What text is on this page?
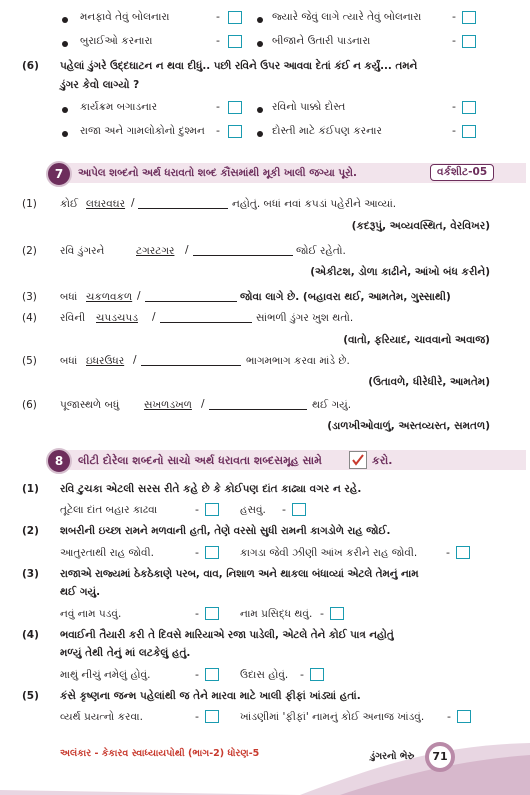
મનફાવે તેવું બોલનારા	-	જ્યારે જેવું લાગે ત્યારે તેવું બોલનારા	-
બુરાઈઓ કરનારા	-	બીજાને ઉતારી પાડનારા	-
(6) પહેલાં ડુંગરે ઉદ્દઘાટન ન થવા દીધું.. પછી રવિને ઉપર આવવા દેતાં કંઈ ન કર્યું... તમને
ડુંગર કેવો લાગ્યો ?
કાર્યક્રમ બગાડનાર	-	રવિનો પાક્કો દોસ્ત	-
રાજા અને ગામલોકોનો દુશ્મન -	દોસ્તી માટે કંઈપણ કરનાર	-
7	આપેલ શબ્દનો અર્થ ધરાવતો શબ્દ કૌંસમાંથી મૂકી ખાલી જગ્યા પૂરો.	વર્કશીટ-05
(1) કોઈ લઘરવઘર /	નહોતું. બધાં નવાં કપડાં પહેરીને આવ્યાં.
(કદરૂપું, અવ્યવસ્થિત, વેરવિખર)
(2) રવિ ડુંગરને	ટગરટગર /	જોઈ રહેતો.
(એકીટશ, ડોળા કાઢીને, આંખો બંધ કરીને)
(3) બધાં ચકળવકળ /	જોવા લાગે છે. (બહાવરા થઈ, આમતેમ, ગુસ્સાથી)
(4) રવિની ચપડચપડ /	સાંભળી ડુંગર ખુશ થતો.
(વાતો, ફરિયાદ, ચાવવાનો અવાજ)
(5) બધાં ઇધરઉધર /	ભાગમભાગ કરવા માંડે છે.
(ઉતાવળે, ધીરેધીરે, આમતેમ)
(6) પૂજાસ્થળે બધું સખળડખળ /	થઈ ગયું.
(ડાળખીઓવાળું, અસ્તવ્યસ્ત, સમતળ)
8	લીટી દોરેલા શબ્દનો સાચો અર્થ ધરાવતા શબ્દસમૂહ સામે	કરો.
(1) રવિ ટુચકા એટલી સરસ રીતે કહે છે કે કોઈપણ દાંત કાઢ્યા વગર ન રહે.
તૂટેલા દાંત બહાર કાઢવા	-	હસવું. -
(2) શબરીની ઇચ્છા રામને મળવાની હતી, તેણે વરસો સુધી રામની કાગડોળે રાહ જોઈ.
આતુરતાથી રાહ જોવી.	-	કાગડા જેવી ઝીણી આંખ કરીને રાહ જોવી.	-
(3) રાજાએ રાજ્યમાં ઠેકઠેકાણે પરબ, વાવ, નિશાળ અને થાકલા બંધાવ્યાં એટલે તેમનું નામ
થઈ ગયું.
નવું નામ પડવું.	-	નામ પ્રસિદ્ધ થવું. -
(4) ભવાઈની તૈયારી કરી તે દિવસે મારિયાએ રજા પાડેલી, એટલે તેને કોઈ પાત્ર નહોતું
મળ્યું તેથી તેનું માં લટકેલું હતું.
માથું નીચું નમેલું હોવું.	-	ઉદાસ હોવું. -
(5) કંસે કૃષ્ણના જન્મ પહેલાંથી જ તેને મારવા માટે ખાલી ફીફાં ખાંડ્યાં હતાં.
વ્યર્થ પ્રયત્નો કરવા.	-	ખાંડણીમાં 'ફીફાં' નામનું કોઈ અનાજ ખાંડવું. -
અલંકાર - કેકારવ સ્વાધ્યાયપોથી (ભાગ-2) ધોરણ-5	ડુંગરનો ભેરુ	71
